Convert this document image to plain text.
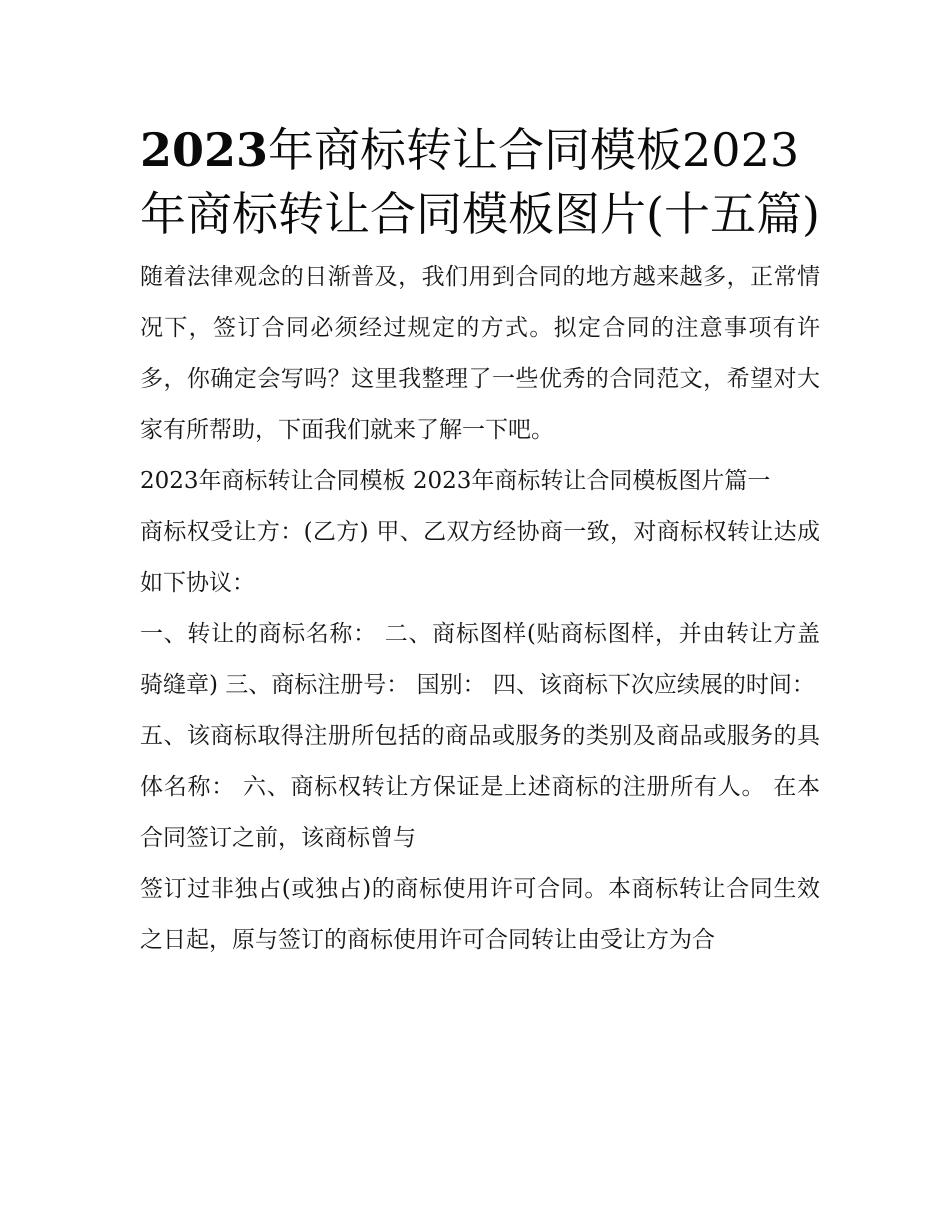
2023年商标转让合同模板2023年商标转让合同模板图片(十五篇)

随着法律观念的日渐普及，我们用到合同的地方越来越多，正常情况下，签订合同必须经过规定的方式。拟定合同的注意事项有许多，你确定会写吗？这里我整理了一些优秀的合同范文，希望对大家有所帮助，下面我们就来了解一下吧。

2023年商标转让合同模板 2023年商标转让合同模板图片篇一

商标权受让方：(乙方) 甲、乙双方经协商一致，对商标权转让达成如下协议：

一、转让的商标名称： 二、商标图样(贴商标图样，并由转让方盖骑缝章) 三、商标注册号： 国别： 四、该商标下次应续展的时间：

五、该商标取得注册所包括的商品或服务的类别及商品或服务的具体名称： 六、商标权转让方保证是上述商标的注册所有人。 在本合同签订之前，该商标曾与

签订过非独占(或独占)的商标使用许可合同。本商标转让合同生效之日起，原与签订的商标使用许可合同转让由受让方为合
